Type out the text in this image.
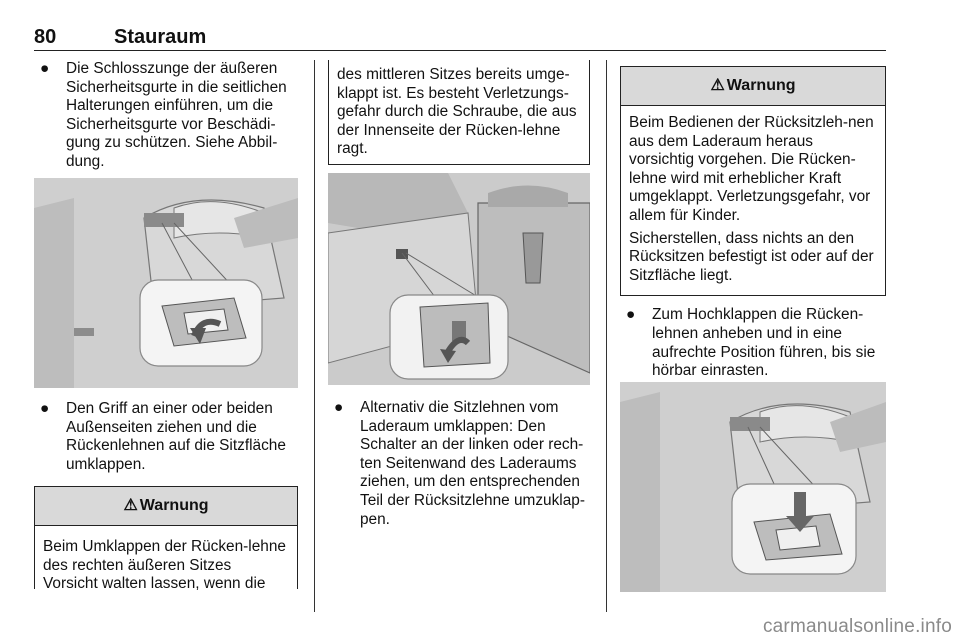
80	Stauraum
● Die Schlosszunge der äußeren Sicherheitsgurte in die seitlichen Halterungen einführen, um die Sicherheitsgurte vor Beschädi-gung zu schützen. Siehe Abbil-dung.
● Den Griff an einer oder beiden Außenseiten ziehen und die Rückenlehnen auf die Sitzfläche umklappen.
⚠ Warnung
Beim Umklappen der Rücken-lehne des rechten äußeren Sitzes Vorsicht walten lassen, wenn die
des mittleren Sitzes bereits umge-klappt ist. Es besteht Verletzungs-gefahr durch die Schraube, die aus der Innenseite der Rücken-lehne ragt.
● Alternativ die Sitzlehnen vom Laderaum umklappen: Den Schalter an der linken oder rech-ten Seitenwand des Laderaums ziehen, um den entsprechenden Teil der Rücksitzlehne umzuklap-pen.
⚠ Warnung

Beim Bedienen der Rücksitzleh-nen aus dem Laderaum heraus vorsichtig vorgehen. Die Rücken-lehne wird mit erheblicher Kraft umgeklappt. Verletzungsgefahr, vor allem für Kinder.

Sicherstellen, dass nichts an den Rücksitzen befestigt ist oder auf der Sitzfläche liegt.

● Zum Hochklappen die Rücken-lehnen anheben und in eine aufrechte Position führen, bis sie hörbar einrasten.
carmanualsonline.info
